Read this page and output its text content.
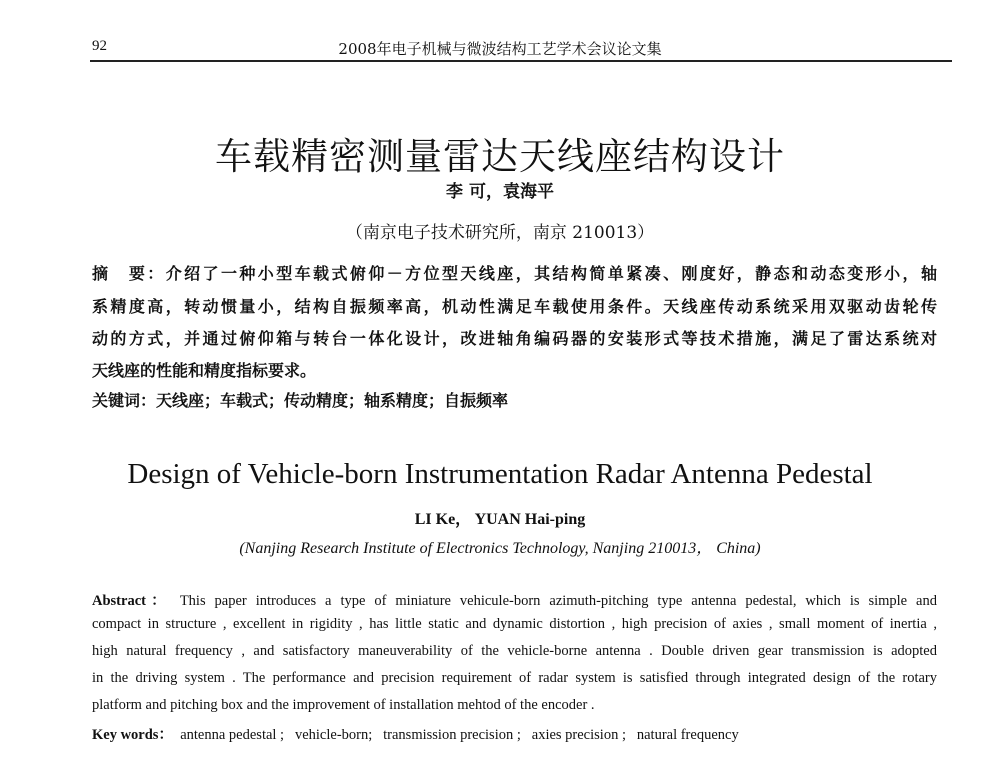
92	2008年电子机械与微波结构工艺学术会议论文集
车载精密测量雷达天线座结构设计
李 可，袁海平
（南京电子技术研究所，南京 210013）
摘　要：介绍了一种小型车载式俯仰－方位型天线座，其结构简单紧凑、刚度好，静态和动态变形小，轴
系精度高，转动惯量小，结构自振频率高，机动性满足车载使用条件。天线座传动系统采用双驱动齿轮传
动的方式，并通过俯仰箱与转台一体化设计，改进轴角编码器的安装形式等技术措施，满足了雷达系统对
天线座的性能和精度指标要求。
关键词：天线座；车载式；传动精度；轴系精度；自振频率
Design of Vehicle-born Instrumentation Radar Antenna Pedestal
LI Ke， YUAN Hai-ping
(Nanjing Research Institute of Electronics Technology, Nanjing 210013， China)
Abstract： This paper introduces a type of miniature vehicule-born azimuth-pitching type antenna pedestal, which is simple and
compact in structure , excellent in rigidity , has little static and dynamic distortion , high precision of axies , small moment of inertia ,
high natural frequency , and satisfactory maneuverability of the vehicle-borne antenna . Double driven gear transmission is adopted
in the driving system . The performance and precision requirement of radar system is satisfied through integrated design of the rotary
platform and pitching box and the improvement of installation mehtod of the encoder .
Key words： antenna pedestal ;   vehicle-born;   transmission precision ;   axies precision ;   natural frequency
